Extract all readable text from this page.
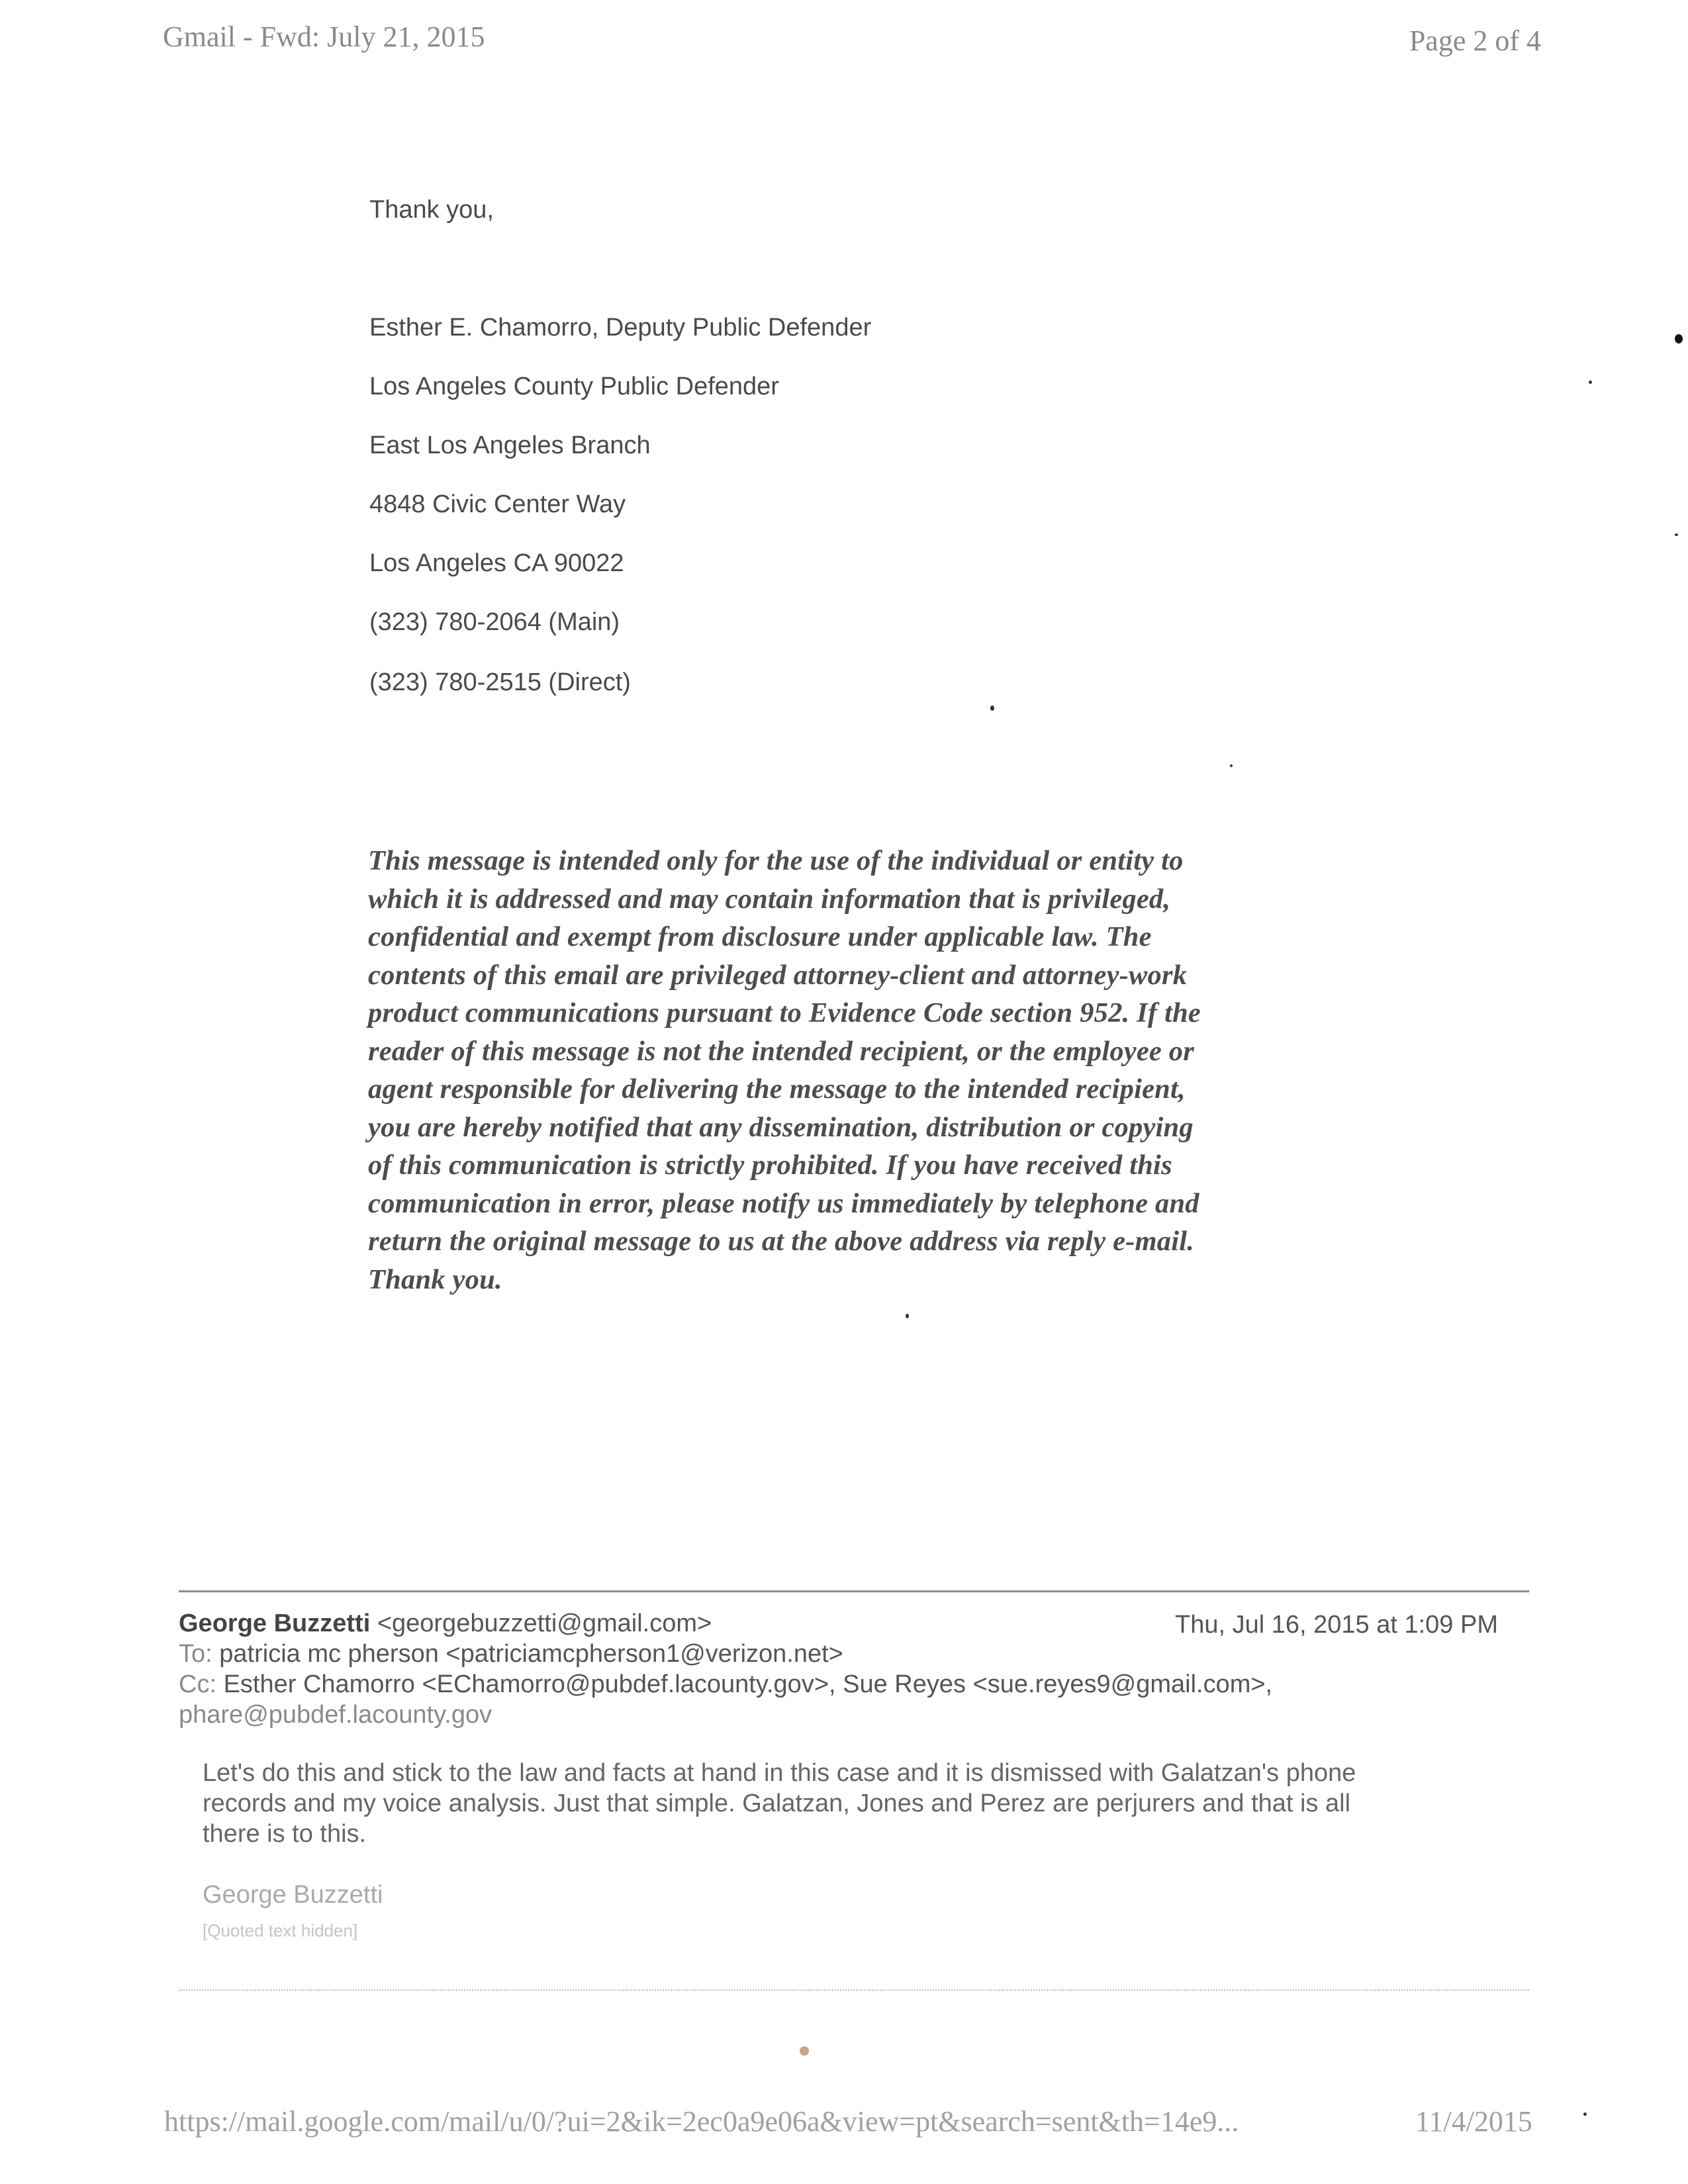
Gmail - Fwd: July 21, 2015	Page 2 of 4
Thank you,
Esther E. Chamorro, Deputy Public Defender
Los Angeles County Public Defender
East Los Angeles Branch
4848 Civic Center Way
Los Angeles CA 90022
(323) 780-2064 (Main)
(323) 780-2515 (Direct)
This message is intended only for the use of the individual or entity to
which it is addressed and may contain information that is privileged,
confidential and exempt from disclosure under applicable law. The
contents of this email are privileged attorney-client and attorney-work
product communications pursuant to Evidence Code section 952. If the
reader of this message is not the intended recipient, or the employee or
agent responsible for delivering the message to the intended recipient,
you are hereby notified that any dissemination, distribution or copying
of this communication is strictly prohibited. If you have received this
communication in error, please notify us immediately by telephone and
return the original message to us at the above address via reply e-mail.
Thank you.
George Buzzetti <georgebuzzetti@gmail.com>	Thu, Jul 16, 2015 at 1:09 PM
To: patricia mc pherson <patriciamcpherson1@verizon.net>
Cc: Esther Chamorro <EChamorro@pubdef.lacounty.gov>, Sue Reyes <sue.reyes9@gmail.com>,
phare@pubdef.lacounty.gov
Let's do this and stick to the law and facts at hand in this case and it is dismissed with Galatzan's phone
records and my voice analysis. Just that simple. Galatzan, Jones and Perez are perjurers and that is all
there is to this.
George Buzzetti
[Quoted text hidden]
https://mail.google.com/mail/u/0/?ui=2&ik=2ec0a9e06a&view=pt&search=sent&th=14e9...	11/4/2015
